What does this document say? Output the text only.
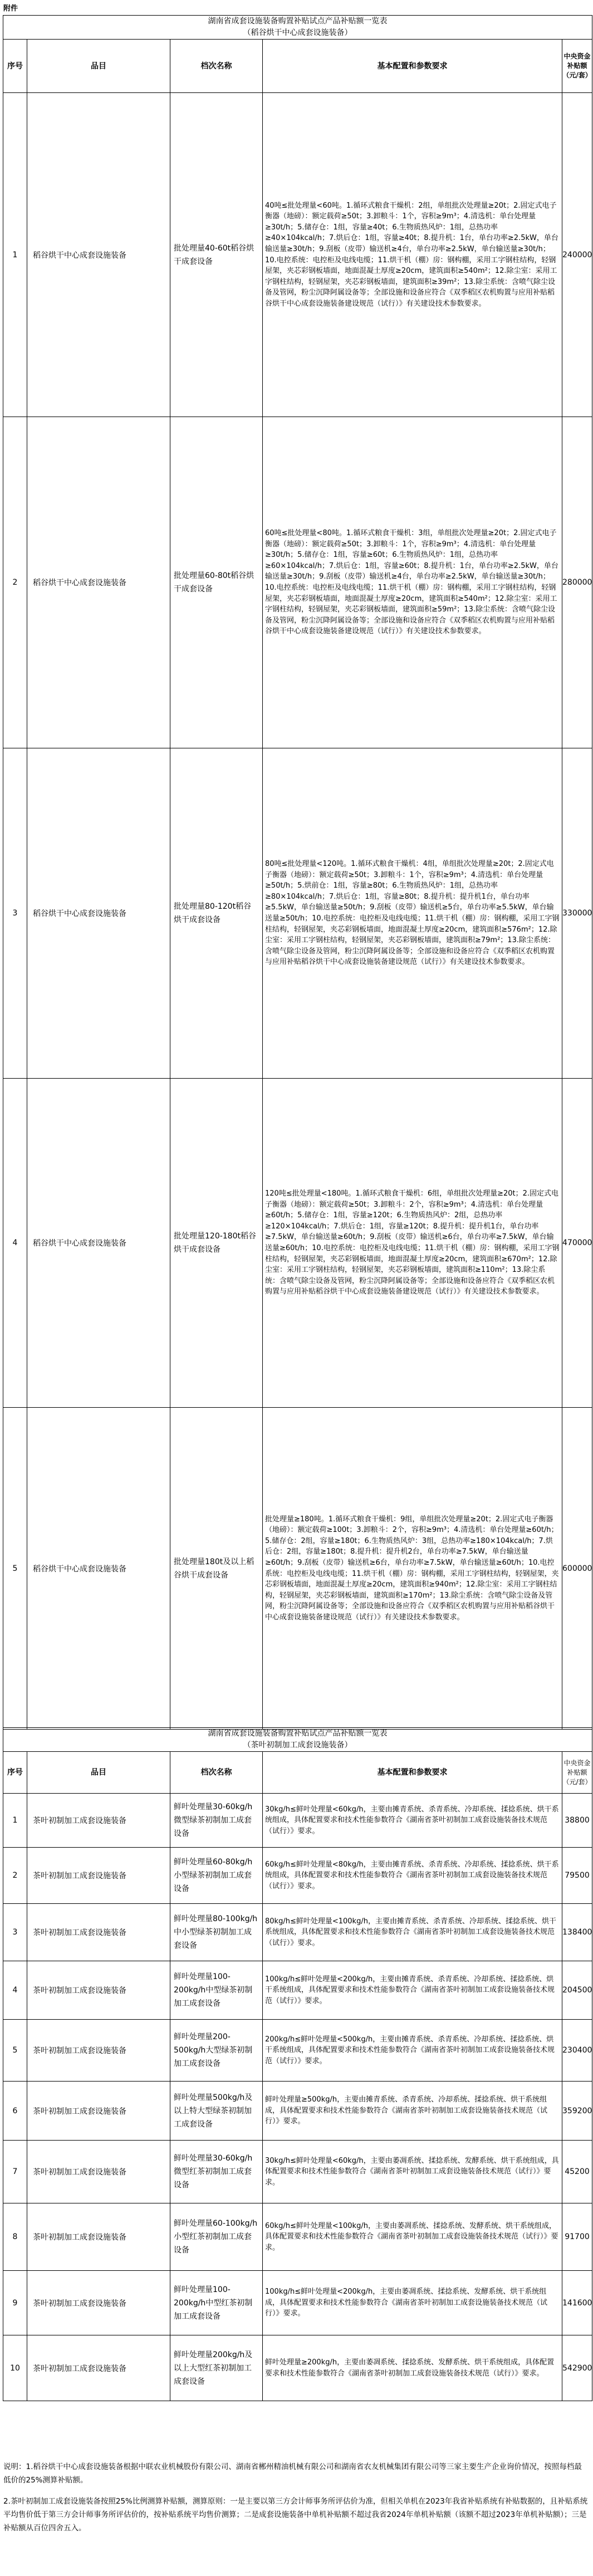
附件
湖南省成套设施装备购置补贴试点产品补贴额一览表
（稻谷烘干中心成套设施装备）				

序号	品目	档次名称	基本配置和参数要求	中央资金补贴额（元/套）
1	稻谷烘干中心成套设施装备	批处理量40-60t稻谷烘干成套设备	40吨≤批处理量<60吨。1.循环式粮食干燥机：2组，单组批次处理量≥20t；2.固定式电子衡器（地磅）：额定载荷≥50t；3.卸粮斗：1个，容积≥9m³；4.清选机：单台处理量≥30t/h；5.储存仓：1组，容量≥40t；6.生物质热风炉：1组，总热功率≥40×104kcal/h；7.烘后仓：1组，容量≥40t；8.提升机：1台，单台功率≥2.5kW，单台输送量≥30t/h；9.刮板（皮带）输送机≥4台，单台功率≥2.5kW，单台输送量≥30t/h；10.电控系统：电控柜及电线电缆；11.烘干机（棚）房：钢构棚，采用工字钢柱结构，轻钢屋架，夹芯彩钢板墙面，地面混凝土厚度≥20cm，建筑面积≥540m²；12.除尘室：采用工字钢柱结构，轻钢屋架，夹芯彩钢板墙面，建筑面积≥39m²；13.除尘系统：含喷气除尘设备及管网，粉尘沉降阿属设备等；全部设施和设备应符合《双季稻区农机购置与应用补贴稻谷烘干中心成套设施装备建设规范（试行）》有关建设技术参数要求。	240000
2	稻谷烘干中心成套设施装备	批处理量60-80t稻谷烘干成套设备	60吨≤批处理量<80吨。1.循环式粮食干燥机：3组，单组批次处理量≥20t；2.固定式电子衡器（地磅）：额定载荷≥50t；3.卸粮斗：1个，容积≥9m³；4.清选机：单台处理量≥30t/h；5.储存仓：1组，容量≥60t；6.生物质热风炉：1组，总热功率≥60×104kcal/h；7.烘后仓：1组，容量≥60t；8.提升机：1台，单台功率≥2.5kW，单台输送量≥30t/h；9.刮板（皮带）输送机≥4台，单台功率≥2.5kW，单台输送量≥30t/h；10.电控系统：电控柜及电线电缆；11.烘干机（棚）房：钢构棚，采用工字钢柱结构，轻钢屋架，夹芯彩钢板墙面，地面混凝土厚度≥20cm，建筑面积≥540m²；12.除尘室：采用工字钢柱结构，轻钢屋架，夹芯彩钢板墙面，建筑面积≥59m²；13.除尘系统：含喷气除尘设备及管网，粉尘沉降阿属设备等；全部设施和设备应符合《双季稻区农机购置与应用补贴稻谷烘干中心成套设施装备建设规范（试行）》有关建设技术参数要求。	280000
3	稻谷烘干中心成套设施装备	批处理量80-120t稻谷烘干成套设备	80吨≤批处理量<120吨。1.循环式粮食干燥机：4组，单组批次处理量≥20t；2.固定式电子衡器（地磅）：额定载荷≥50t；3.卸粮斗：1个，容积≥9m³；4.清选机：单台处理量≥50t/h；5.烘前仓：1组，容量≥80t；6.生物质热风炉：1组，总热功率≥80×104kcal/h；7.烘后仓：1组，容量≥80t；8.提升机：提升机1台，单台功率≥5.5kW，单台输送量≥50t/h；9.刮板（皮带）输送机≥5台，单台功率≥5.5kW，单台输送量≥50t/h；10.电控系统：电控柜及电线电缆；11.烘干机（棚）房：钢构棚，采用工字钢柱结构，轻钢屋架，夹芯彩钢板墙面，地面混凝土厚度≥20cm，建筑面积≥576m²；12.除尘室：采用工字钢柱结构，轻钢屋架，夹芯彩钢板墙面，建筑面积≥79m²；13.除尘系统：含喷气除尘设备及管网，粉尘沉降阿属设备等；全部设施和设备应符合《双季稻区农机购置与应用补贴稻谷烘干中心成套设施装备建设规范（试行）》有关建设技术参数要求。	330000
4	稻谷烘干中心成套设施装备	批处理量120-180t稻谷烘干成套设备	120吨≤批处理量<180吨。1.循环式粮食干燥机：6组，单组批次处理量≥20t；2.固定式电子衡器（地磅）：额定载荷≥50t；3.卸粮斗：2个，容积≥9m³；4.清选机：单台处理量≥60t/h；5.储存仓：1组，容量≥120t；6.生物质热风炉：2组，总热功率≥120×104kcal/h；7.烘后仓：1组，容量≥120t；8.提升机：提升机1台，单台功率≥7.5kW，单台输送量≥60t/h；9.刮板（皮带）输送机≥6台，单台功率≥7.5kW，单台输送量≥60t/h；10.电控系统：电控柜及电线电缆；11.烘干机（棚）房：钢构棚，采用工字钢柱结构，轻钢屋架，夹芯彩钢板墙面，地面混凝土厚度≥20cm，建筑面积≥670m²；12.除尘室：采用工字钢柱结构，轻钢屋架，夹芯彩钢板墙面，建筑面积≥110m²；13.除尘系统：含喷气除尘设备及管网，粉尘沉降阿属设备等；全部设施和设备应符合《双季稻区农机购置与应用补贴稻谷烘干中心成套设施装备建设规范（试行）》有关建设技术参数要求。	470000
5	稻谷烘干中心成套设施装备	批处理量180t及以上稻谷烘干成套设备	批处理量≥180吨。1.循环式粮食干燥机：9组，单组批次处理量≥20t；2.固定式电子衡器（地磅）：额定载荷≥100t；3.卸粮斗：2个，容积≥9m³；4.清选机：单台处理量≥60t/h；5.储存仓：2组，容量≥180t；6.生物质热风炉：3组，总热功率≥180×104kcal/h；7.烘后仓：2组，容量≥180t；8.提升机：提升机2台，单台功率≥7.5kW，单台输送量≥60t/h；9.刮板（皮带）输送机≥6台，单台功率≥7.5kW，单台输送量≥60t/h；10.电控系统：电控柜及电线电缆；11.烘干机（棚）房：钢构棚，采用工字钢柱结构，轻钢屋架，夹芯彩钢板墙面，地面混凝土厚度≥20cm，建筑面积≥940m²；12.除尘室：采用工字钢柱结构，轻钢屋架，夹芯彩钢板墙面，建筑面积≥170m²；13.除尘系统：含喷气除尘设备及管网，粉尘沉降阿属设备等；全部设施和设备应符合《双季稻区农机购置与应用补贴稻谷烘干中心成套设施装备建设规范（试行）》有关建设技术参数要求。	600000
湖南省成套设施装备购置补贴试点产品补贴额一览表
（茶叶初制加工成套设施装备）				

序号	品目	档次名称	基本配置和参数要求	中央资金补贴额（元/套）
1	茶叶初制加工成套设施装备	鲜叶处理量30-60kg/h微型绿茶初制加工成套设备	30kg/h≤鲜叶处理量<60kg/h，主要由摊青系统、杀青系统、冷却系统、揉捻系统、烘干系统组成，具体配置要求和技术性能参数符合《湖南省茶叶初制加工成套设施装备技术规范（试行）》要求。	38800
2	茶叶初制加工成套设施装备	鲜叶处理量60-80kg/h小型绿茶初制加工成套设备	60kg/h≤鲜叶处理量<80kg/h，主要由摊青系统、杀青系统、冷却系统、揉捻系统、烘干系统组成，具体配置要求和技术性能参数符合《湖南省茶叶初制加工成套设施装备技术规范（试行）》要求。	79500
3	茶叶初制加工成套设施装备	鲜叶处理量80-100kg/h中小型绿茶初制加工成套设备	80kg/h≤鲜叶处理量<100kg/h，主要由摊青系统、杀青系统、冷却系统、揉捻系统、烘干系统组成，具体配置要求和技术性能参数符合《湖南省茶叶初制加工成套设施装备技术规范（试行）》要求。	138400
4	茶叶初制加工成套设施装备	鲜叶处理量100-200kg/h中型绿茶初制加工成套设备	100kg/h≤鲜叶处理量<200kg/h，主要由摊青系统、杀青系统、冷却系统、揉捻系统、烘干系统组成，具体配置要求和技术性能参数符合《湖南省茶叶初制加工成套设施装备技术规范（试行）》要求。	204500
5	茶叶初制加工成套设施装备	鲜叶处理量200-500kg/h大型绿茶初制加工成套设备	200kg/h≤鲜叶处理量<500kg/h，主要由摊青系统、杀青系统、冷却系统、揉捻系统、烘干系统组成，具体配置要求和技术性能参数符合《湖南省茶叶初制加工成套设施装备技术规范（试行）》要求。	230400
6	茶叶初制加工成套设施装备	鲜叶处理量500kg/h及以上特大型绿茶初制加工成套设备	鲜叶处理量≥500kg/h，主要由摊青系统、杀青系统、冷却系统、揉捻系统、烘干系统组成，具体配置要求和技术性能参数符合《湖南省茶叶初制加工成套设施装备技术规范（试行）》要求。	359200
7	茶叶初制加工成套设施装备	鲜叶处理量30-60kg/h微型红茶初制加工成套设备	30kg/h≤鲜叶处理量<60kg/h，主要由萎凋系统、揉捻系统、发酵系统、烘干系统组成，具体配置要求和技术性能参数符合《湖南省茶叶初制加工成套设施装备技术规范（试行）》要求。	45200
8	茶叶初制加工成套设施装备	鲜叶处理量60-100kg/h小型红茶初制加工成套设备	60kg/h≤鲜叶处理量<100kg/h，主要由萎凋系统、揉捻系统、发酵系统、烘干系统组成，具体配置要求和技术性能参数符合《湖南省茶叶初制加工成套设施装备技术规范（试行）》要求。	91700
9	茶叶初制加工成套设施装备	鲜叶处理量100-200kg/h中型红茶初制加工成套设备	100kg/h≤鲜叶处理量<200kg/h，主要由萎凋系统、揉捻系统、发酵系统、烘干系统组成，具体配置要求和技术性能参数符合《湖南省茶叶初制加工成套设施装备技术规范（试行）》要求。	141600
10	茶叶初制加工成套设施装备	鲜叶处理量200kg/h及以上大型红茶初制加工成套设备	鲜叶处理量≥200kg/h，主要由萎凋系统、揉捻系统、发酵系统、烘干系统组成，具体配置要求和技术性能参数符合《湖南省茶叶初制加工成套设施装备技术规范（试行）》要求。	542900

说明：1.稻谷烘干中心成套设施装备根据中联农业机械股份有限公司、湖南省郴州精油机械有限公司和湖南省农友机械集团有限公司等三家主要生产企业询价情况，按照每档最低价的25%测算补贴额。

2.茶叶初制加工成套设施装备按照25%比例测算补贴额，测算原则：一是主要以第三方会计师事务所评估价为准，但相关单机在2023年我省补贴系统有补贴数据的，且补贴系统平均售价低于第三方会计师事务所评估价的，按补贴系统平均售价测算；二是成套设施装备中单机补贴额不超过我省2024年单机补贴额（该额不超过2023年单机补贴额）；三是补贴额从百位四舍五入。
